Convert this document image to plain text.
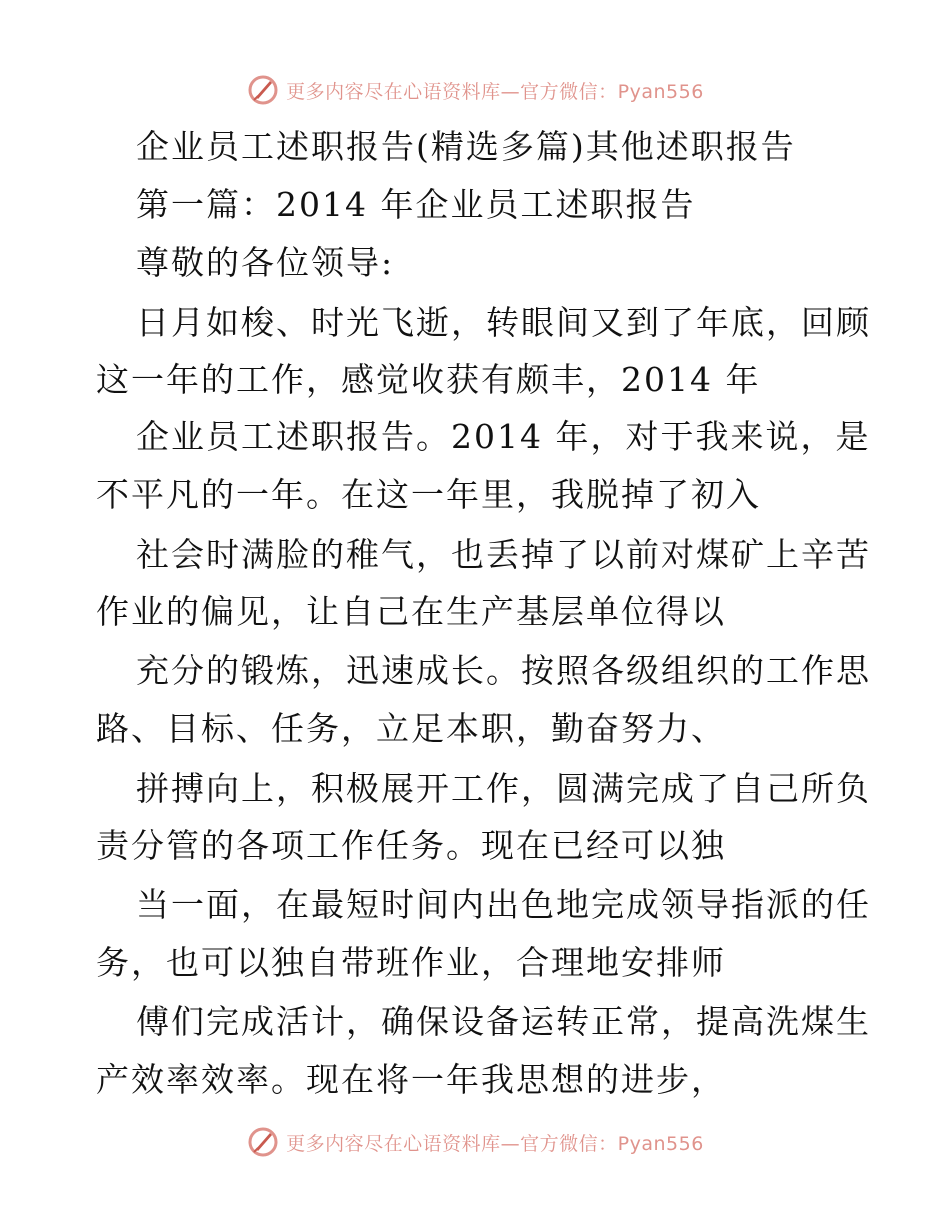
更多内容尽在心语资料库—官方微信：Pyan556
企业员工述职报告(精选多篇)其他述职报告
第一篇：2014 年企业员工述职报告
尊敬的各位领导:
日月如梭、时光飞逝，转眼间又到了年底，回顾
这一年的工作，感觉收获有颇丰，2014 年
企业员工述职报告。2014 年，对于我来说，是
不平凡的一年。在这一年里，我脱掉了初入
社会时满脸的稚气，也丢掉了以前对煤矿上辛苦
作业的偏见，让自己在生产基层单位得以
充分的锻炼，迅速成长。按照各级组织的工作思
路、目标、任务，立足本职，勤奋努力、
拼搏向上，积极展开工作，圆满完成了自己所负
责分管的各项工作任务。现在已经可以独
当一面，在最短时间内出色地完成领导指派的任
务，也可以独自带班作业，合理地安排师
傅们完成活计，确保设备运转正常，提高洗煤生
产效率效率。现在将一年我思想的进步，
更多内容尽在心语资料库—官方微信：Pyan556
